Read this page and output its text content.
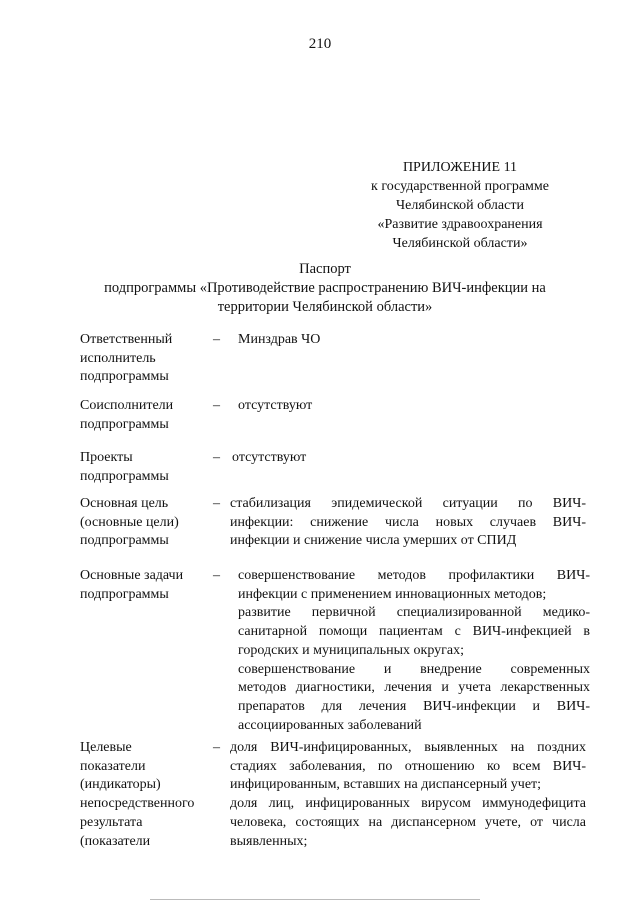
210
ПРИЛОЖЕНИЕ 11
к государственной программе
Челябинской области
«Развитие здравоохранения
Челябинской области»
Паспорт
подпрограммы «Противодействие распространению ВИЧ-инфекции на
территории Челябинской области»
Ответственный
исполнитель
подпрограммы
–	Минздрав ЧО
Соисполнители
подпрограммы
–	отсутствуют
Проекты
подпрограммы
– отсутствуют
Основная цель
(основные цели)
подпрограммы
– стабилизация эпидемической ситуации по ВИЧ-
инфекции: снижение числа новых случаев ВИЧ-
инфекции и снижение числа умерших от СПИД
Основные задачи
подпрограммы
–	совершенствование методов профилактики ВИЧ-
инфекции с применением инновационных методов;
развитие первичной специализированной медико-
санитарной помощи пациентам с ВИЧ-инфекцией в
городских и муниципальных округах;
совершенствование и внедрение современных
методов диагностики, лечения и учета лекарственных
препаратов для лечения ВИЧ-инфекции и ВИЧ-
ассоциированных заболеваний
Целевые
показатели
(индикаторы)
непосредственного
результата
(показатели
– доля ВИЧ-инфицированных, выявленных на поздних
стадиях заболевания, по отношению ко всем ВИЧ-
инфицированным, вставших на диспансерный учет;
доля лиц, инфицированных вирусом иммунодефицита
человека, состоящих на диспансерном учете, от числа
выявленных;
